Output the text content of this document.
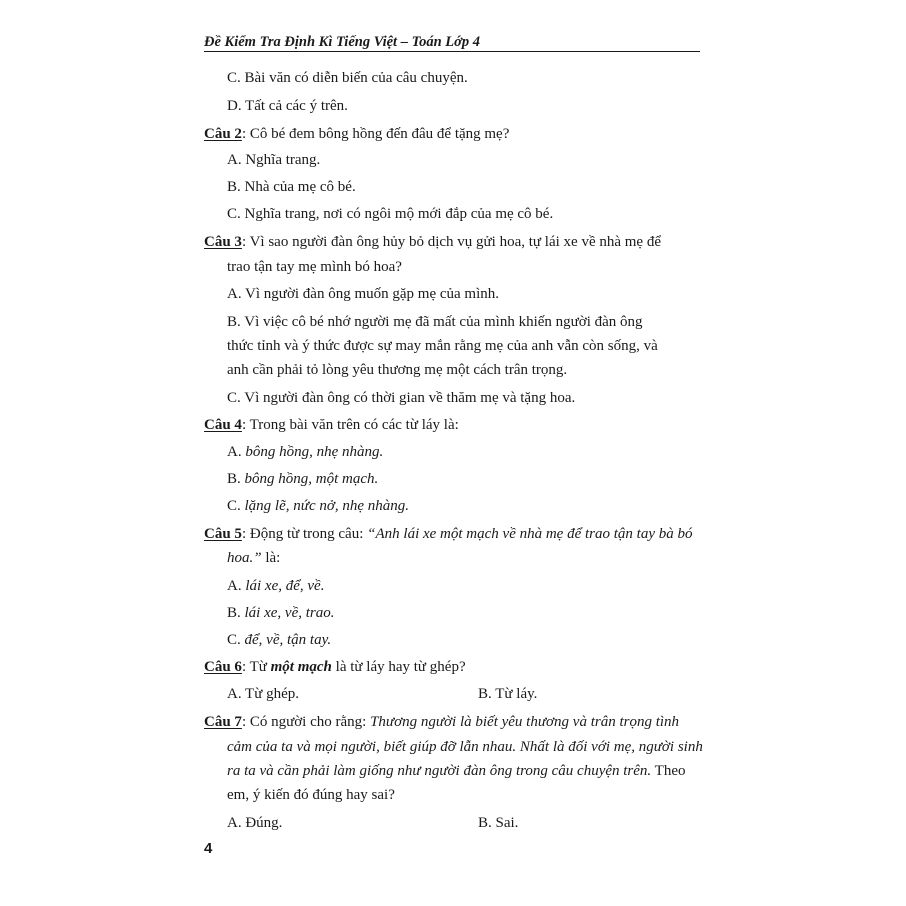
Đề Kiểm Tra Định Kì Tiếng Việt – Toán Lớp 4
C. Bài văn có diễn biến của câu chuyện.
D. Tất cả các ý trên.
Câu 2: Cô bé đem bông hồng đến đâu để tặng mẹ?
A. Nghĩa trang.
B. Nhà của mẹ cô bé.
C. Nghĩa trang, nơi có ngôi mộ mới đắp của mẹ cô bé.
Câu 3: Vì sao người đàn ông hủy bỏ dịch vụ gửi hoa, tự lái xe về nhà mẹ để
trao tận tay mẹ mình bó hoa?
A. Vì người đàn ông muốn gặp mẹ của mình.
B. Vì việc cô bé nhớ người mẹ đã mất của mình khiến người đàn ông
thức tỉnh và ý thức được sự may mắn rằng mẹ của anh vẫn còn sống, và
anh cần phải tỏ lòng yêu thương mẹ một cách trân trọng.
C. Vì người đàn ông có thời gian về thăm mẹ và tặng hoa.
Câu 4: Trong bài văn trên có các từ láy là:
A. bông hồng, nhẹ nhàng.
B. bông hồng, một mạch.
C. lặng lẽ, nức nở, nhẹ nhàng.
Câu 5: Động từ trong câu: “Anh lái xe một mạch về nhà mẹ để trao tận tay bà bó
hoa.” là:
A. lái xe, để, về.
B. lái xe, về, trao.
C. để, về, tận tay.
Câu 6: Từ một mạch là từ láy hay từ ghép?
A. Từ ghép.	B. Từ láy.
Câu 7: Có người cho rằng: Thương người là biết yêu thương và trân trọng tình
cảm của ta và mọi người, biết giúp đỡ lẫn nhau. Nhất là đối với mẹ, người sinh
ra ta và cần phải làm giống như người đàn ông trong câu chuyện trên. Theo
em, ý kiến đó đúng hay sai?
A. Đúng.	B. Sai.
4
